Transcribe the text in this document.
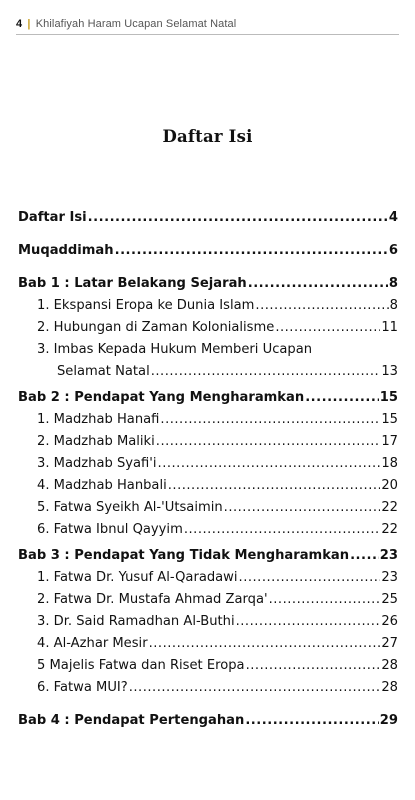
4 | Khilafiyah Haram Ucapan Selamat Natal
Daftar Isi
Daftar Isi .....	4
Muqaddimah .....	6
Bab 1 : Latar Belakang Sejarah .....	8
1. Ekspansi Eropa ke Dunia Islam .....	8
2. Hubungan di Zaman Kolonialisme .....	11
3. Imbas Kepada Hukum Memberi Ucapan
Selamat Natal .....	13
Bab 2 : Pendapat Yang Mengharamkan .....	15
1. Madzhab Hanafi .....	15
2. Madzhab Maliki .....	17
3. Madzhab Syafi'i .....	18
4. Madzhab Hanbali .....	20
5. Fatwa Syeikh Al-'Utsaimin .....	22
6. Fatwa Ibnul Qayyim .....	22
Bab 3 : Pendapat Yang Tidak Mengharamkan ..... 23
1. Fatwa Dr. Yusuf Al-Qaradawi .....	23
2. Fatwa Dr. Mustafa Ahmad Zarqa' .....	25
3. Dr. Said Ramadhan Al-Buthi .....	26
4. Al-Azhar Mesir .....	27
5 Majelis Fatwa dan Riset Eropa .....	28
6. Fatwa MUI? .....	28
Bab 4 : Pendapat Pertengahan .....	29
